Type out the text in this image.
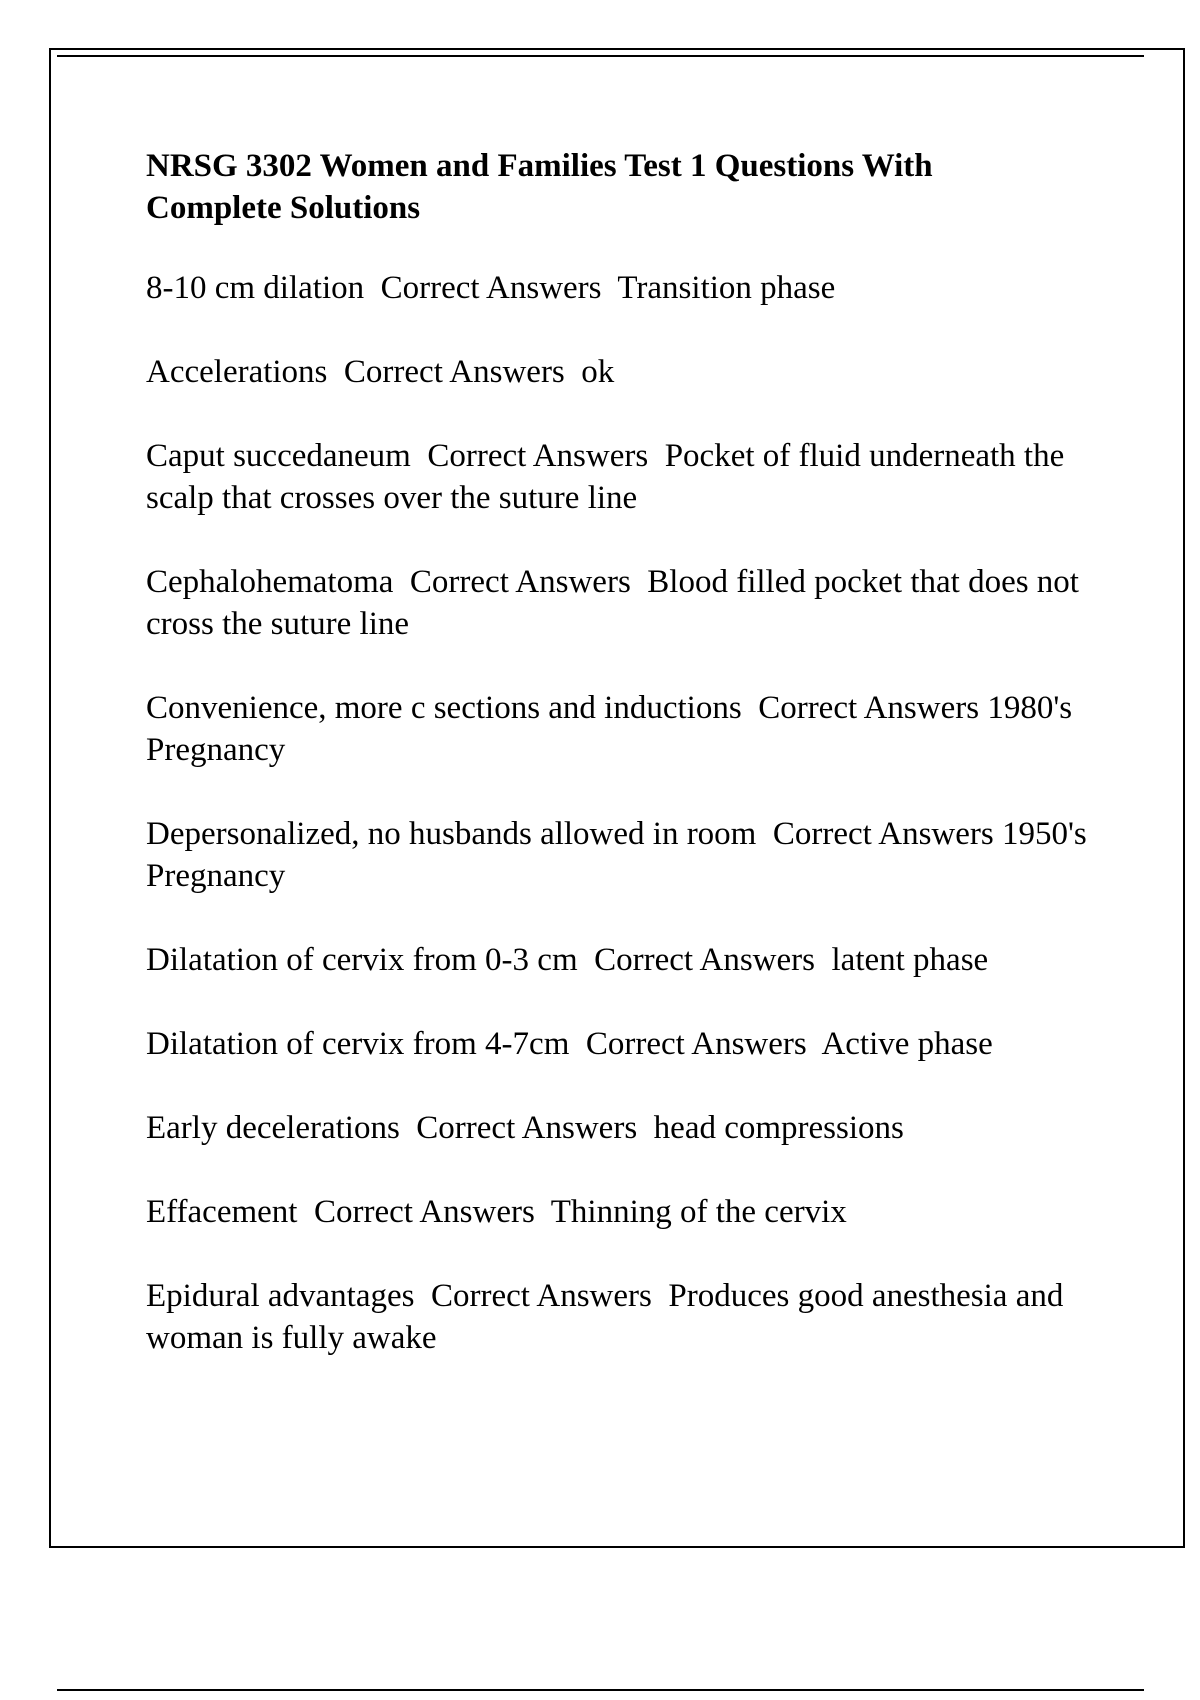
NRSG 3302 Women and Families Test 1 Questions With Complete Solutions
8-10 cm dilation Correct Answers Transition phase
Accelerations Correct Answers ok
Caput succedaneum Correct Answers Pocket of fluid underneath the scalp that crosses over the suture line
Cephalohematoma Correct Answers Blood filled pocket that does not cross the suture line
Convenience, more c sections and inductions Correct Answers 1980's Pregnancy
Depersonalized, no husbands allowed in room Correct Answers 1950's Pregnancy
Dilatation of cervix from 0-3 cm Correct Answers latent phase
Dilatation of cervix from 4-7cm Correct Answers Active phase
Early decelerations Correct Answers head compressions
Effacement Correct Answers Thinning of the cervix
Epidural advantages Correct Answers Produces good anesthesia and woman is fully awake
